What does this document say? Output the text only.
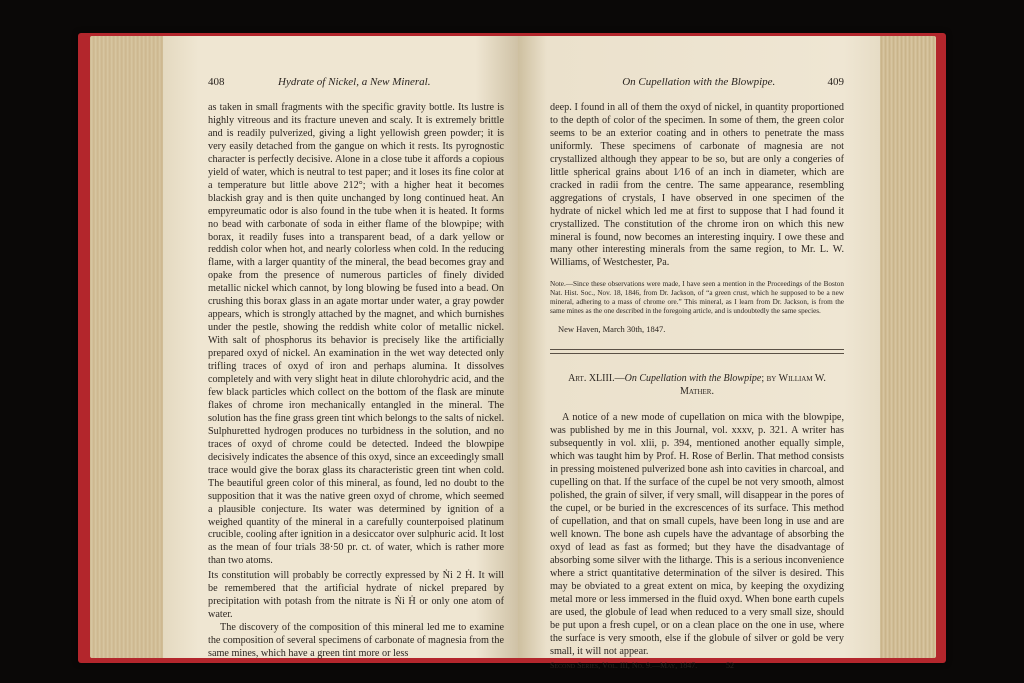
408	Hydrate of Nickel, a New Mineral.

as taken in small fragments with the specific gravity bottle. Its lustre is highly vitreous and its fracture uneven and scaly. It is extremely brittle and is readily pulverized, giving a light yellowish green powder; it is very easily detached from the gangue on which it rests. Its pyrognostic character is perfectly decisive. Alone in a close tube it affords a copious yield of water, which is neutral to test paper; and it loses its fine color at a temperature but little above 212°; with a higher heat it becomes blackish gray and is then quite unchanged by long continued heat. An empyreumatic odor is also found in the tube when it is heated. It forms no bead with carbonate of soda in either flame of the blowpipe; with borax, it readily fuses into a transparent bead, of a dark yellow or reddish color when hot, and nearly colorless when cold. In the reducing flame, with a larger quantity of the mineral, the bead becomes gray and opake from the presence of numerous particles of finely divided metallic nickel which cannot, by long blowing be fused into a bead. On crushing this borax glass in an agate mortar under water, a gray powder appears, which is strongly attached by the magnet, and which burnishes under the pestle, showing the reddish white color of metallic nickel. With salt of phosphorus its behavior is precisely like the artificially prepared oxyd of nickel. An examination in the wet way detected only trifling traces of oxyd of iron and perhaps alumina. It dissolves completely and with very slight heat in dilute chlorohydric acid, and the few black particles which collect on the bottom of the flask are minute flakes of chrome iron mechanically entangled in the mineral. The solution has the fine grass green tint which belongs to the salts of nickel. Sulphuretted hydrogen produces no turbidness in the solution, and no traces of oxyd of chrome could be detected. Indeed the blowpipe decisively indicates the absence of this oxyd, since an exceedingly small trace would give the borax glass its characteristic green tint when cold. The beautiful green color of this mineral, as found, led no doubt to the supposition that it was the native green oxyd of chrome, which seemed a plausible conjecture. Its water was determined by ignition of a weighed quantity of the mineral in a carefully counterpoised platinum crucible, cooling after ignition in a desiccator over sulphuric acid. It lost as the mean of four trials 38·50 pr. ct. of water, which is rather more than two atoms.

Its constitution will probably be correctly expressed by Ṅi 2 Ḣ. It will be remembered that the artificial hydrate of nickel prepared by precipitation with potash from the nitrate is Ṅi Ḣ or only one atom of water.

The discovery of the composition of this mineral led me to examine the composition of several specimens of carbonate of magnesia from the same mines, which have a green tint more or less

On Cupellation with the Blowpipe.	409

deep. I found in all of them the oxyd of nickel, in quantity proportioned to the depth of color of the specimen. In some of them, the green color seems to be an exterior coating and in others to penetrate the mass uniformly. These specimens of carbonate of magnesia are not crystallized although they appear to be so, but are only a congeries of little spherical grains about 1⁄16 of an inch in diameter, which are cracked in radii from the centre. The same appearance, resembling aggregations of crystals, I have observed in one specimen of the hydrate of nickel which led me at first to suppose that I had found it crystallized. The constitution of the chrome iron on which this new mineral is found, now becomes an interesting inquiry. I owe these and many other interesting minerals from the same region, to Mr. L. W. Williams, of Westchester, Pa.

Note.—Since these observations were made, I have seen a mention in the Proceedings of the Boston Nat. Hist. Soc., Nov. 18, 1846, from Dr. Jackson, of “a green crust, which he supposed to be a new mineral, adhering to a mass of chrome ore.” This mineral, as I learn from Dr. Jackson, is from the same mines as the one described in the foregoing article, and is undoubtedly the same species.
New Haven, March 30th, 1847.
Art. XLIII.—On Cupellation with the Blowpipe; by William W. Mather.

A notice of a new mode of cupellation on mica with the blowpipe, was published by me in this Journal, vol. xxxv, p. 321. A writer has subsequently in vol. xlii, p. 394, mentioned another equally simple, which was taught him by Prof. H. Rose of Berlin. That method consists in pressing moistened pulverized bone ash into cavities in charcoal, and cupelling on that. If the surface of the cupel be not very smooth, almost polished, the grain of silver, if very small, will disappear in the pores of the cupel, or be buried in the excrescences of its surface. This method of cupellation, and that on small cupels, have been long in use and are well known. The bone ash cupels have the advantage of absorbing the oxyd of lead as fast as formed; but they have the disadvantage of absorbing some silver with the litharge. This is a serious inconvenience where a strict quantitative determination of the silver is desired. This may be obviated to a great extent on mica, by keeping the oxydizing metal more or less immersed in the fluid oxyd. When bone earth cupels are used, the globule of lead when reduced to a very small size, should be put upon a fresh cupel, or on a clean place on the one in use, where the surface is very smooth, else if the globule of silver or gold be very small, it will not appear.

Second Series, Vol. III, No. 9.—May, 1847.	52
